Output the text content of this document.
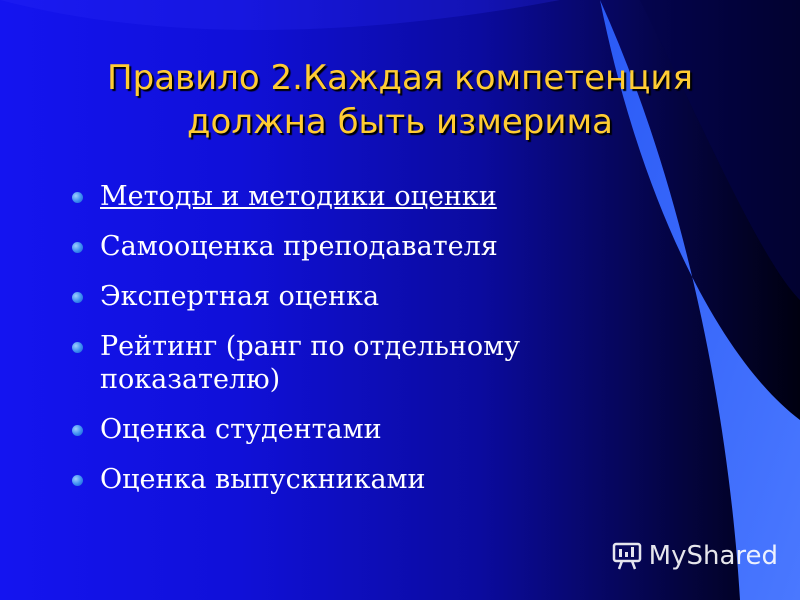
Правило 2.Каждая компетенция
должна быть измерима
Методы и методики оценки
Самооценка преподавателя
Экспертная оценка
Рейтинг (ранг по отдельному показателю)
Оценка студентами
Оценка выпускниками
MyShared
